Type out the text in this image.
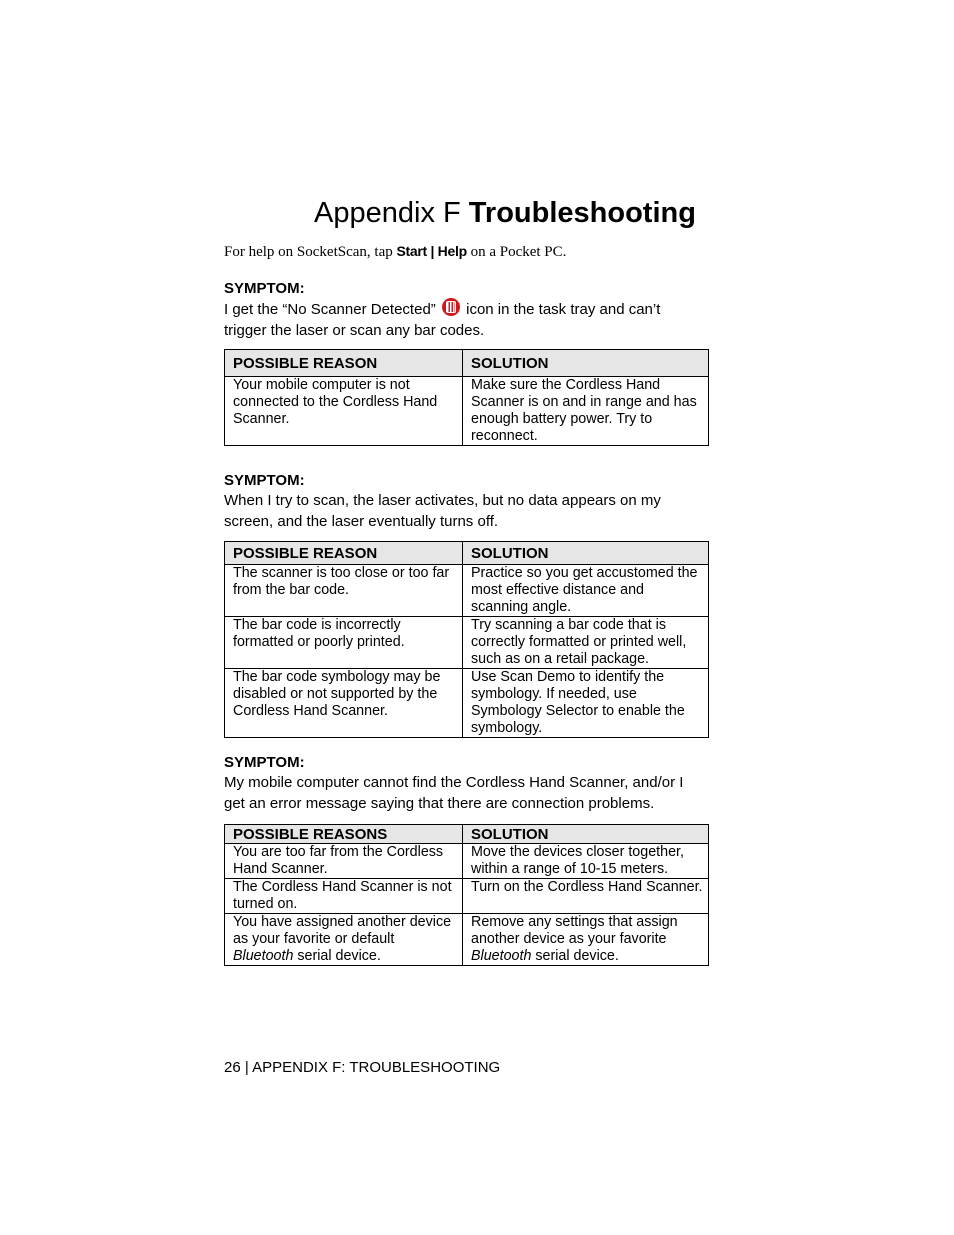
Appendix F Troubleshooting
For help on SocketScan, tap Start | Help on a Pocket PC.
SYMPTOM:
I get the “No Scanner Detected”
icon in the task tray and can’t trigger the laser or scan any bar codes.
POSSIBLE REASON	SOLUTION
Your mobile computer is not connected to the Cordless Hand Scanner.	Make sure the Cordless Hand Scanner is on and in range and has enough battery power. Try to reconnect.
SYMPTOM:
When I try to scan, the laser activates, but no data appears on my screen, and the laser eventually turns off.
POSSIBLE REASON	SOLUTION
The scanner is too close or too far from the bar code.	Practice so you get accustomed the most effective distance and scanning angle.
The bar code is incorrectly formatted or poorly printed.	Try scanning a bar code that is correctly formatted or printed well, such as on a retail package.
The bar code symbology may be disabled or not supported by the Cordless Hand Scanner.	Use Scan Demo to identify the symbology. If needed, use Symbology Selector to enable the symbology.
SYMPTOM:
My mobile computer cannot find the Cordless Hand Scanner, and/or I get an error message saying that there are connection problems.
POSSIBLE REASONS	SOLUTION
You are too far from the Cordless Hand Scanner.	Move the devices closer together, within a range of 10-15 meters.
The Cordless Hand Scanner is not turned on.	Turn on the Cordless Hand Scanner.
You have assigned another device as your favorite or default Bluetooth serial device.	Remove any settings that assign another device as your favorite Bluetooth serial device.
26 | APPENDIX F: TROUBLESHOOTING
